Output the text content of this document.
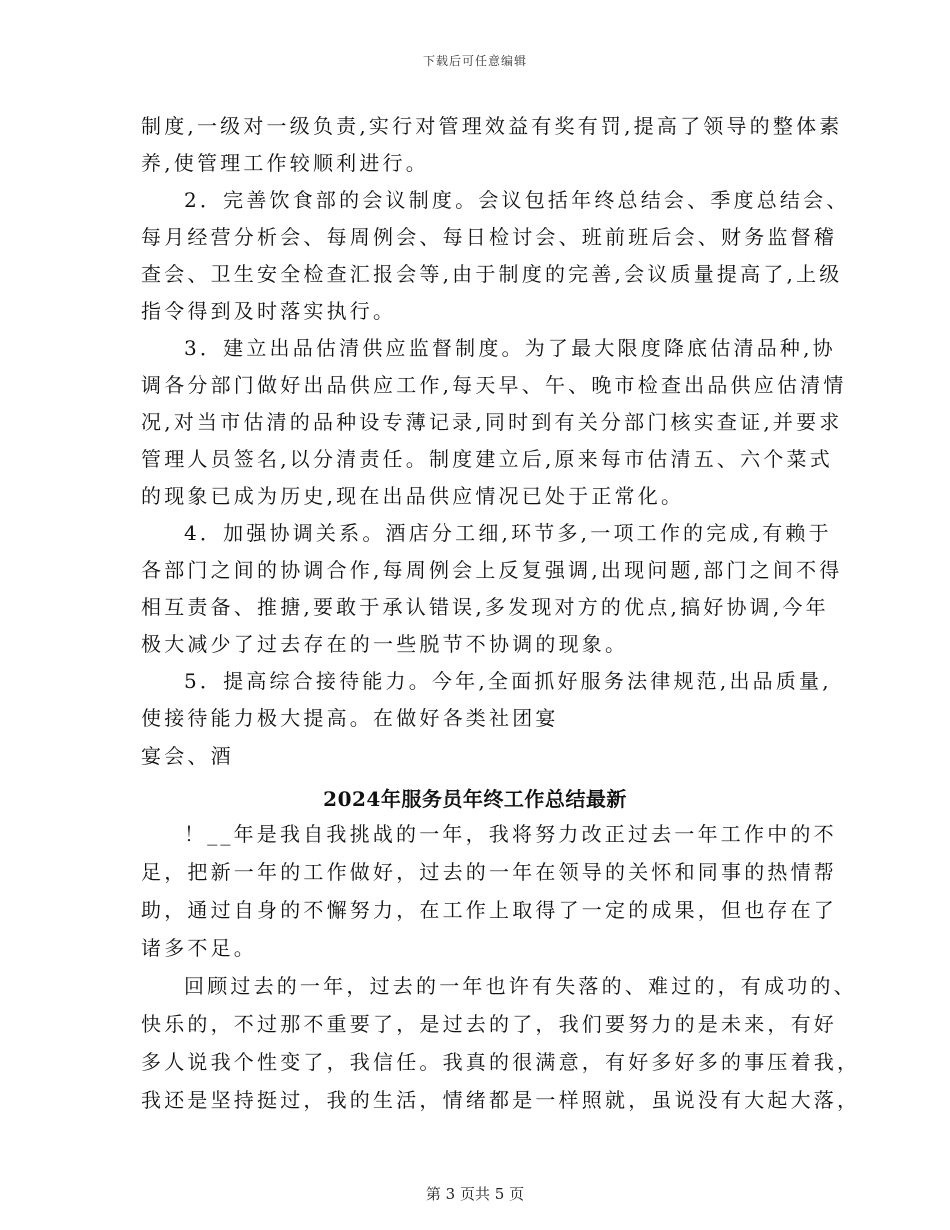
下载后可任意编辑
制度,一级对一级负责,实行对管理效益有奖有罚,提高了领导的整体素
养,使管理工作较顺利进行。
2．完善饮食部的会议制度。会议包括年终总结会、季度总结会、
每月经营分析会、每周例会、每日检讨会、班前班后会、财务监督稽
查会、卫生安全检查汇报会等,由于制度的完善,会议质量提高了,上级
指令得到及时落实执行。
3．建立出品估清供应监督制度。为了最大限度降底估清品种,协
调各分部门做好出品供应工作,每天早、午、晚市检查出品供应估清情
况,对当市估清的品种设专薄记录,同时到有关分部门核实查证,并要求
管理人员签名,以分清责任。制度建立后,原来每市估清五、六个菜式
的现象已成为历史,现在出品供应情况已处于正常化。
4．加强协调关系。酒店分工细,环节多,一项工作的完成,有赖于
各部门之间的协调合作,每周例会上反复强调,出现问题,部门之间不得
相互责备、推搪,要敢于承认错误,多发现对方的优点,搞好协调,今年
极大减少了过去存在的一些脱节不协调的现象。
5．提高综合接待能力。今年,全面抓好服务法律规范,出品质量,
使接待能力极大提高。在做好各类社团宴
宴会、酒
2024年服务员年终工作总结最新
！__年是我自我挑战的一年，我将努力改正过去一年工作中的不
足，把新一年的工作做好，过去的一年在领导的关怀和同事的热情帮
助，通过自身的不懈努力，在工作上取得了一定的成果，但也存在了
诸多不足。
回顾过去的一年，过去的一年也许有失落的、难过的，有成功的、
快乐的，不过那不重要了，是过去的了，我们要努力的是未来，有好
多人说我个性变了，我信任。我真的很满意，有好多好多的事压着我，
我还是坚持挺过，我的生活，情绪都是一样照就，虽说没有大起大落，
第 3 页共 5 页
